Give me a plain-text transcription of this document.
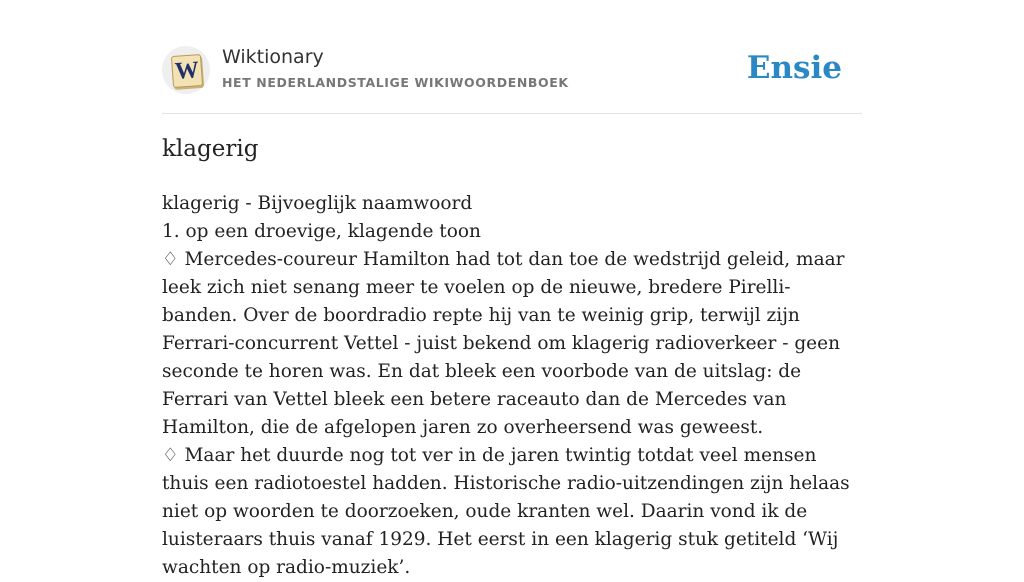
W
Wiktionary
HET NEDERLANDSTALIGE WIKIWOORDENBOEK	Ensie
klagerig

klagerig - Bijvoeglijk naamwoord

1. op een droevige, klagende toon

♢ Mercedes-coureur Hamilton had tot dan toe de wedstrijd geleid, maar leek zich niet senang meer te voelen op de nieuwe, bredere Pirelli-banden. Over de boordradio repte hij van te weinig grip, terwijl zijn Ferrari-concurrent Vettel - juist bekend om klagerig radioverkeer - geen seconde te horen was. En dat bleek een voorbode van de uitslag: de Ferrari van Vettel bleek een betere raceauto dan de Mercedes van Hamilton, die de afgelopen jaren zo overheersend was geweest.

♢ Maar het duurde nog tot ver in de jaren twintig totdat veel mensen thuis een radiotoestel hadden. Historische radio-uitzendingen zijn helaas niet op woorden te doorzoeken, oude kranten wel. Daarin vond ik de luisteraars thuis vanaf 1929. Het eerst in een klagerig stuk getiteld ‘Wij wachten op radio-muziek’.
